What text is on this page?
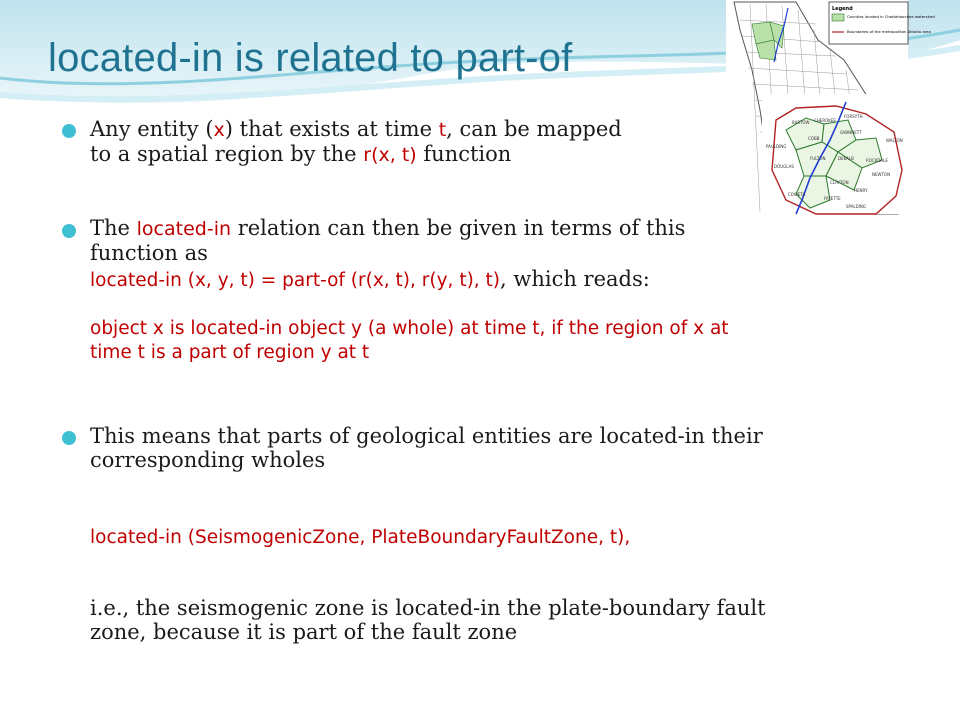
located-in is related to part-of
FORSYTH
BARTOW CHEROKEE
GWINNETT
WALTON
PAULDING
COBB
DEKALB
DOUGLAS
FULTON	ROCKDALE
NEWTON
CLAYTON
HENRY
COWETA
FAYETTE
SPALDING
Legend
Counties located in Chattahoochee watershed
Boundaries of the metropolitan Atlanta area
Any entity (x) that exists at time t, can be mapped
to a spatial region by the r(x, t) function
The located-in relation can then be given in terms of this
function as
located-in (x, y, t) = part-of (r(x, t), r(y, t), t), which reads:
object x is located-in object y (a whole) at time t, if the region of x at
time t is a part of region y at t
This means that parts of geological entities are located-in their
corresponding wholes
located-in (SeismogenicZone, PlateBoundaryFaultZone, t),
i.e., the seismogenic zone is located-in the plate-boundary fault
zone, because it is part of the fault zone
